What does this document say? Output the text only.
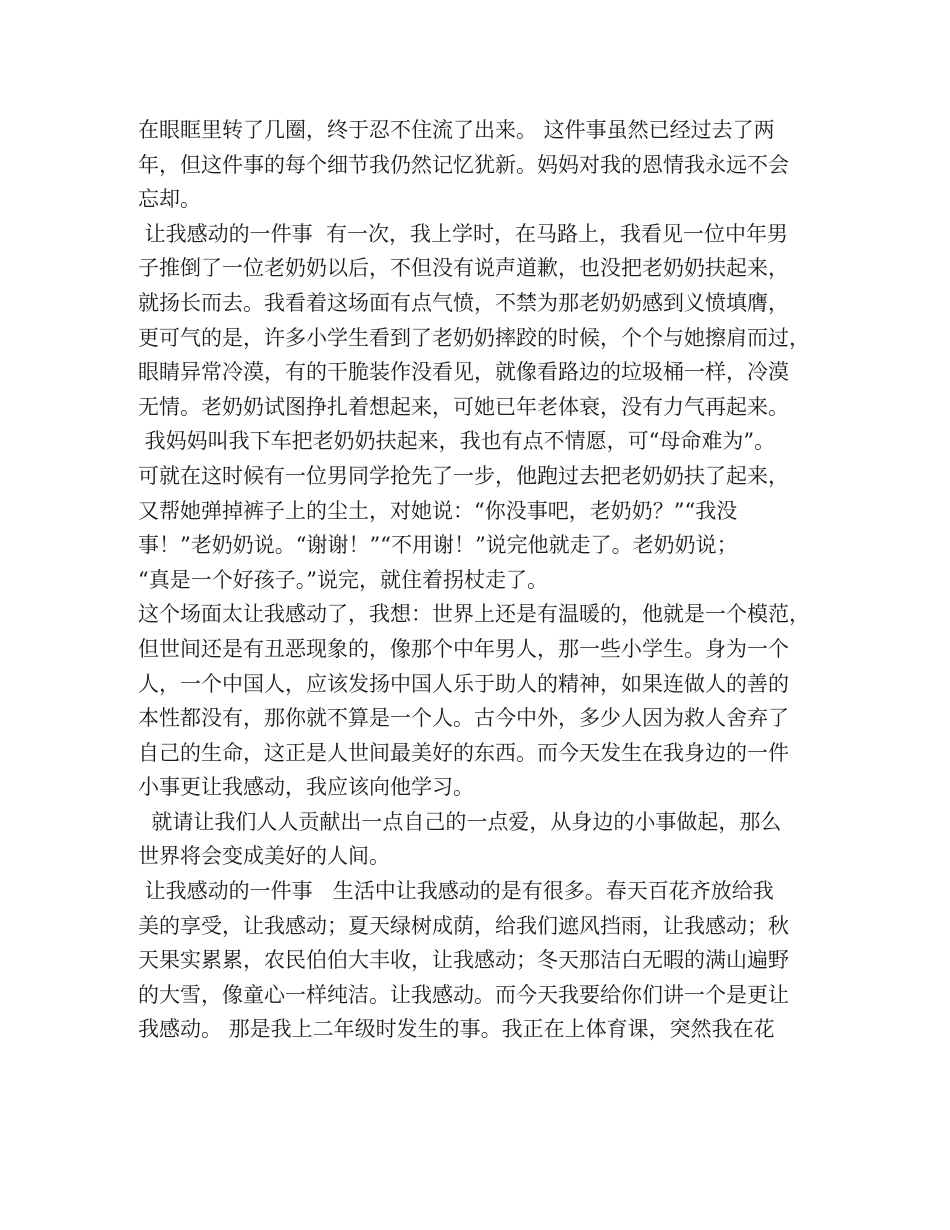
在眼眶里转了几圈，终于忍不住流了出来。 这件事虽然已经过去了两
年，但这件事的每个细节我仍然记忆犹新。妈妈对我的恩情我永远不会
忘却。
让我感动的一件事  有一次，我上学时，在马路上，我看见一位中年男
子推倒了一位老奶奶以后，不但没有说声道歉，也没把老奶奶扶起来，
就扬长而去。我看着这场面有点气愤，不禁为那老奶奶感到义愤填膺，
更可气的是，许多小学生看到了老奶奶摔跤的时候，个个与她擦肩而过，
眼睛异常冷漠，有的干脆装作没看见，就像看路边的垃圾桶一样，冷漠
无情。老奶奶试图挣扎着想起来，可她已年老体衰，没有力气再起来。
我妈妈叫我下车把老奶奶扶起来，我也有点不情愿，可“母命难为”。
可就在这时候有一位男同学抢先了一步，他跑过去把老奶奶扶了起来，
又帮她弹掉裤子上的尘土，对她说：“你没事吧，老奶奶？”“我没
事！”老奶奶说。“谢谢！”“不用谢！”说完他就走了。老奶奶说；
“真是一个好孩子。”说完，就住着拐杖走了。
这个场面太让我感动了，我想：世界上还是有温暖的，他就是一个模范，
但世间还是有丑恶现象的，像那个中年男人，那一些小学生。身为一个
人，一个中国人，应该发扬中国人乐于助人的精神，如果连做人的善的
本性都没有，那你就不算是一个人。古今中外，多少人因为救人舍弃了
自己的生命，这正是人世间最美好的东西。而今天发生在我身边的一件
小事更让我感动，我应该向他学习。
就请让我们人人贡献出一点自己的一点爱，从身边的小事做起，那么
世界将会变成美好的人间。
让我感动的一件事   生活中让我感动的是有很多。春天百花齐放给我
美的享受，让我感动；夏天绿树成荫，给我们遮风挡雨，让我感动；秋
天果实累累，农民伯伯大丰收，让我感动；冬天那洁白无暇的满山遍野
的大雪，像童心一样纯洁。让我感动。而今天我要给你们讲一个是更让
我感动。 那是我上二年级时发生的事。我正在上体育课，突然我在花
